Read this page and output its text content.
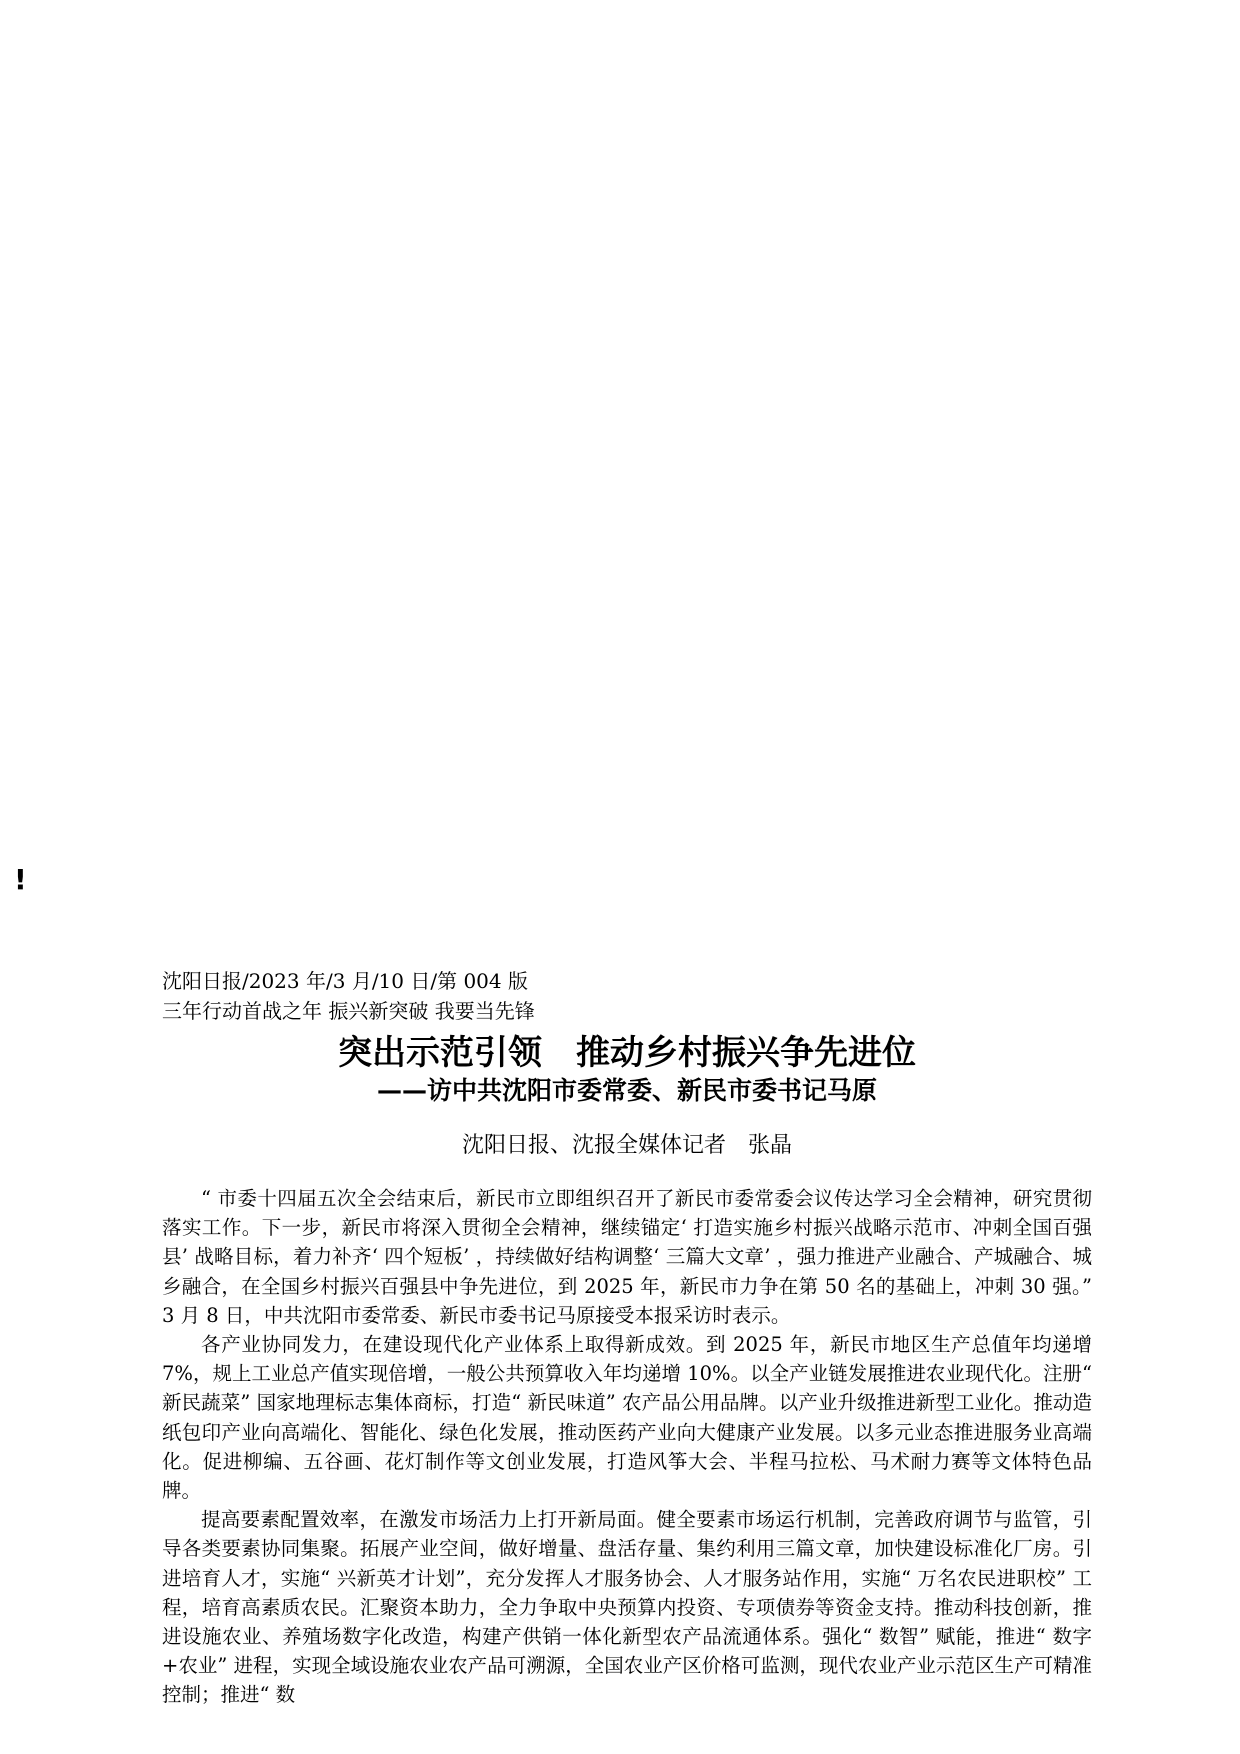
!
沈阳日报/2023 年/3 月/10 日/第 004 版
三年行动首战之年 振兴新突破 我要当先锋
突出示范引领　推动乡村振兴争先进位
——访中共沈阳市委常委、新民市委书记马原
沈阳日报、沈报全媒体记者　张晶

“ 市委十四届五次全会结束后，新民市立即组织召开了新民市委常委会议传达学习全会精神，研究贯彻落实工作。下一步，新民市将深入贯彻全会精神，继续锚定‘ 打造实施乡村振兴战略示范市、冲刺全国百强县’ 战略目标，着力补齐‘ 四个短板’ ，持续做好结构调整‘ 三篇大文章’ ，强力推进产业融合、产城融合、城乡融合，在全国乡村振兴百强县中争先进位，到 2025 年，新民市力争在第 50 名的基础上，冲刺 30 强。” 3 月 8 日，中共沈阳市委常委、新民市委书记马原接受本报采访时表示。

各产业协同发力，在建设现代化产业体系上取得新成效。到 2025 年，新民市地区生产总值年均递增 7%，规上工业总产值实现倍增，一般公共预算收入年均递增 10%。以全产业链发展推进农业现代化。注册“ 新民蔬菜” 国家地理标志集体商标，打造“ 新民味道” 农产品公用品牌。以产业升级推进新型工业化。推动造纸包印产业向高端化、智能化、绿色化发展，推动医药产业向大健康产业发展。以多元业态推进服务业高端化。促进柳编、五谷画、花灯制作等文创业发展，打造风筝大会、半程马拉松、马术耐力赛等文体特色品牌。

提高要素配置效率，在激发市场活力上打开新局面。健全要素市场运行机制，完善政府调节与监管，引导各类要素协同集聚。拓展产业空间，做好增量、盘活存量、集约利用三篇文章，加快建设标准化厂房。引进培育人才，实施“ 兴新英才计划”，充分发挥人才服务协会、人才服务站作用，实施“ 万名农民进职校” 工程，培育高素质农民。汇聚资本助力，全力争取中央预算内投资、专项债券等资金支持。推动科技创新，推进设施农业、养殖场数字化改造，构建产供销一体化新型农产品流通体系。强化“ 数智” 赋能，推进“ 数字+农业” 进程，实现全域设施农业农产品可溯源，全国农业产区价格可监测，现代农业产业示范区生产可精准控制；推进“ 数
